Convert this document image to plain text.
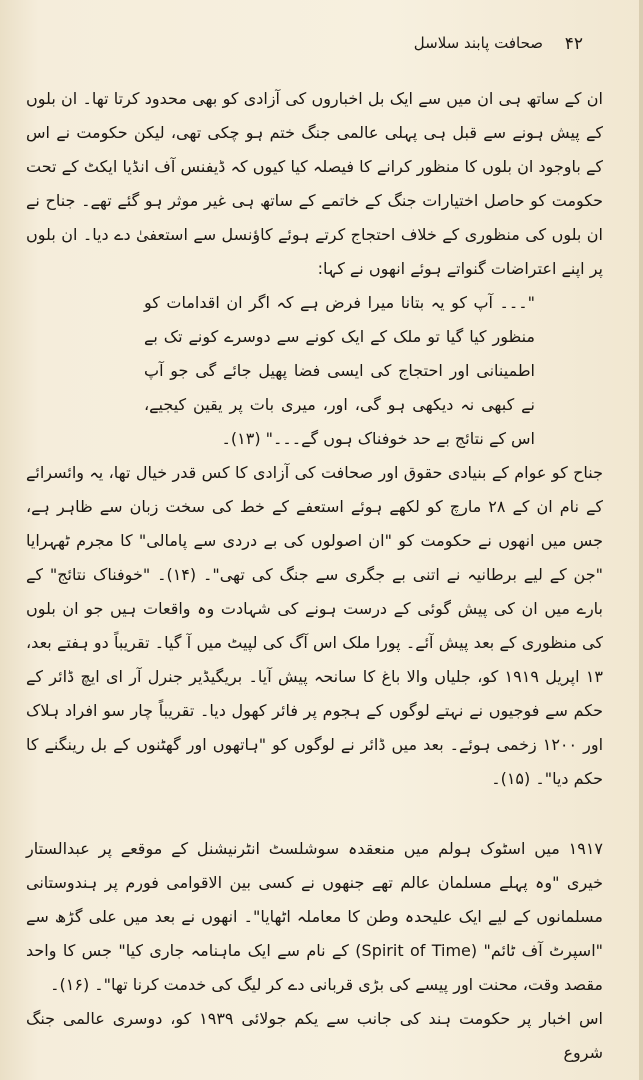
۴۲
صحافت پابند سلاسل

ان کے ساتھ ہی ان میں سے ایک بل اخباروں کی آزادی کو بھی محدود کرتا تھا۔ ان بلوں کے پیش ہونے سے قبل ہی پہلی عالمی جنگ ختم ہو چکی تھی، لیکن حکومت نے اس کے باوجود ان بلوں کا منظور کرانے کا فیصلہ کیا کیوں کہ ڈیفنس آف انڈیا ایکٹ کے تحت حکومت کو حاصل اختیارات جنگ کے خاتمے کے ساتھ ہی غیر موثر ہو گئے تھے۔ جناح نے ان بلوں کی منظوری کے خلاف احتجاج کرتے ہوئے کاؤنسل سے استعفیٰ دے دیا۔ ان بلوں پر اپنے اعتراضات گنواتے ہوئے انھوں نے کہا:

"۔۔۔ آپ کو یہ بتانا میرا فرض ہے کہ اگر ان اقدامات کو منظور کیا گیا تو ملک کے ایک کونے سے دوسرے کونے تک بے اطمینانی اور احتجاج کی ایسی فضا پھیل جائے گی جو آپ نے کبھی نہ دیکھی ہو گی، اور، میری بات پر یقین کیجیے، اس کے نتائج بے حد خوفناک ہوں گے۔۔۔" (۱۳)۔

جناح کو عوام کے بنیادی حقوق اور صحافت کی آزادی کا کس قدر خیال تھا، یہ وائسرائے کے نام ان کے ۲۸ مارچ کو لکھے ہوئے استعفے کے خط کی سخت زبان سے ظاہر ہے، جس میں انھوں نے حکومت کو "ان اصولوں کی بے دردی سے پامالی" کا مجرم ٹھہرایا "جن کے لیے برطانیہ نے اتنی بے جگری سے جنگ کی تھی"۔ (۱۴)۔ "خوفناک نتائج" کے بارے میں ان کی پیش گوئی کے درست ہونے کی شہادت وہ واقعات ہیں جو ان بلوں کی منظوری کے بعد پیش آئے۔ پورا ملک اس آگ کی لپیٹ میں آ گیا۔ تقریباً دو ہفتے بعد، ۱۳ اپریل ۱۹۱۹ کو، جلیاں والا باغ کا سانحہ پیش آیا۔ بریگیڈیر جنرل آر ای ایچ ڈائر کے حکم سے فوجیوں نے نہتے لوگوں کے ہجوم پر فائر کھول دیا۔ تقریباً چار سو افراد ہلاک اور ۱۲۰۰ زخمی ہوئے۔ بعد میں ڈائر نے لوگوں کو "ہاتھوں اور گھٹنوں کے بل رینگنے کا حکم دیا"۔ (۱۵)۔

۱۹۱۷ میں اسٹوک ہولم میں منعقدہ سوشلسٹ انٹرنیشنل کے موقعے پر عبدالستار خیری "وہ پہلے مسلمان عالم تھے جنھوں نے کسی بین الاقوامی فورم پر ہندوستانی مسلمانوں کے لیے ایک علیحدہ وطن کا معاملہ اٹھایا"۔ انھوں نے بعد میں علی گڑھ سے "اسپرٹ آف ٹائم" (Spirit of Time) کے نام سے ایک ماہنامہ جاری کیا" جس کا واحد مقصد وقت، محنت اور پیسے کی بڑی قربانی دے کر لیگ کی خدمت کرنا تھا"۔ (۱۶)۔

اس اخبار پر حکومت ہند کی جانب سے یکم جولائی ۱۹۳۹ کو، دوسری عالمی جنگ شروع
